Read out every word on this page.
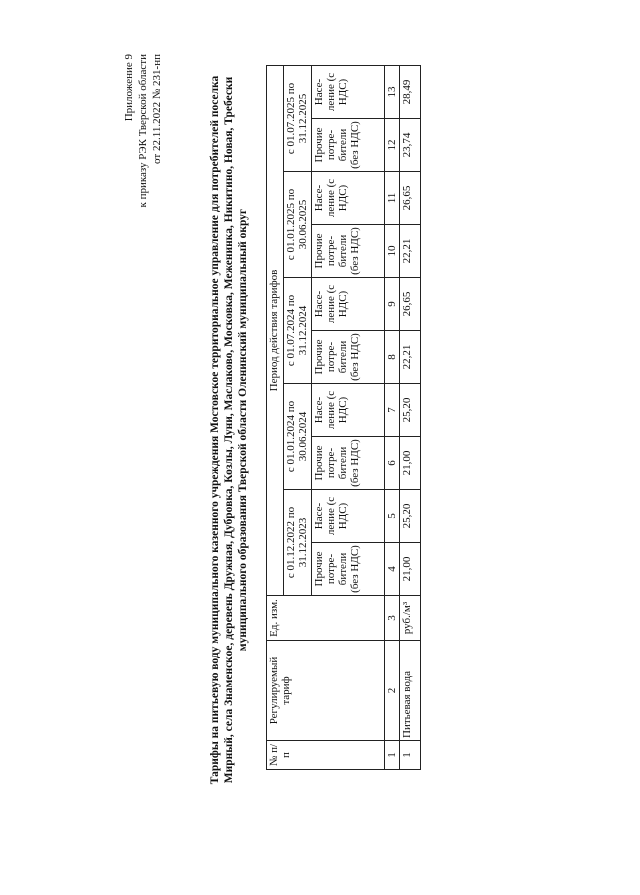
Приложение 9 к приказу РЭК Тверской области от 22.11.2022 № 231-нп	Тарифы на питьевую воду муниципального казенного учреждения Мостовское территориальное управление для потребителей поселка Мирный, села Знаменское, деревень Дружная, Дубровка, Козлы, Луни, Маслаково, Московка, Меженинка, Никитино, Новая, Требески муниципального образования Тверской области Оленинский муниципальный округ
№ п/ п	Регулируемый тариф	Ед. изм.	Период действия тарифов									
			с 01.12.2022 по 31.12.2023		с 01.01.2024 по 30.06.2024		с 01.07.2024 по 31.12.2024		с 01.01.2025 по 30.06.2025		с 01.07.2025 по 31.12.2025	
			Прочие потре- бители (без НДС)	Насе- ление (с НДС)	Прочие потре- бители (без НДС)	Насе- ление (с НДС)	Прочие потре- бители (без НДС)	Насе- ление (с НДС)	Прочие потре- бители (без НДС)	Насе- ление (с НДС)	Прочие потре- бители (без НДС)	Насе- ление (с НДС)
1	2	3	4	5	6	7	8	9	10	11	12	13
1	Питьевая вода	руб./м³	21,00	25,20	21,00	25,20	22,21	26,65	22,21	26,65	23,74	28,49
